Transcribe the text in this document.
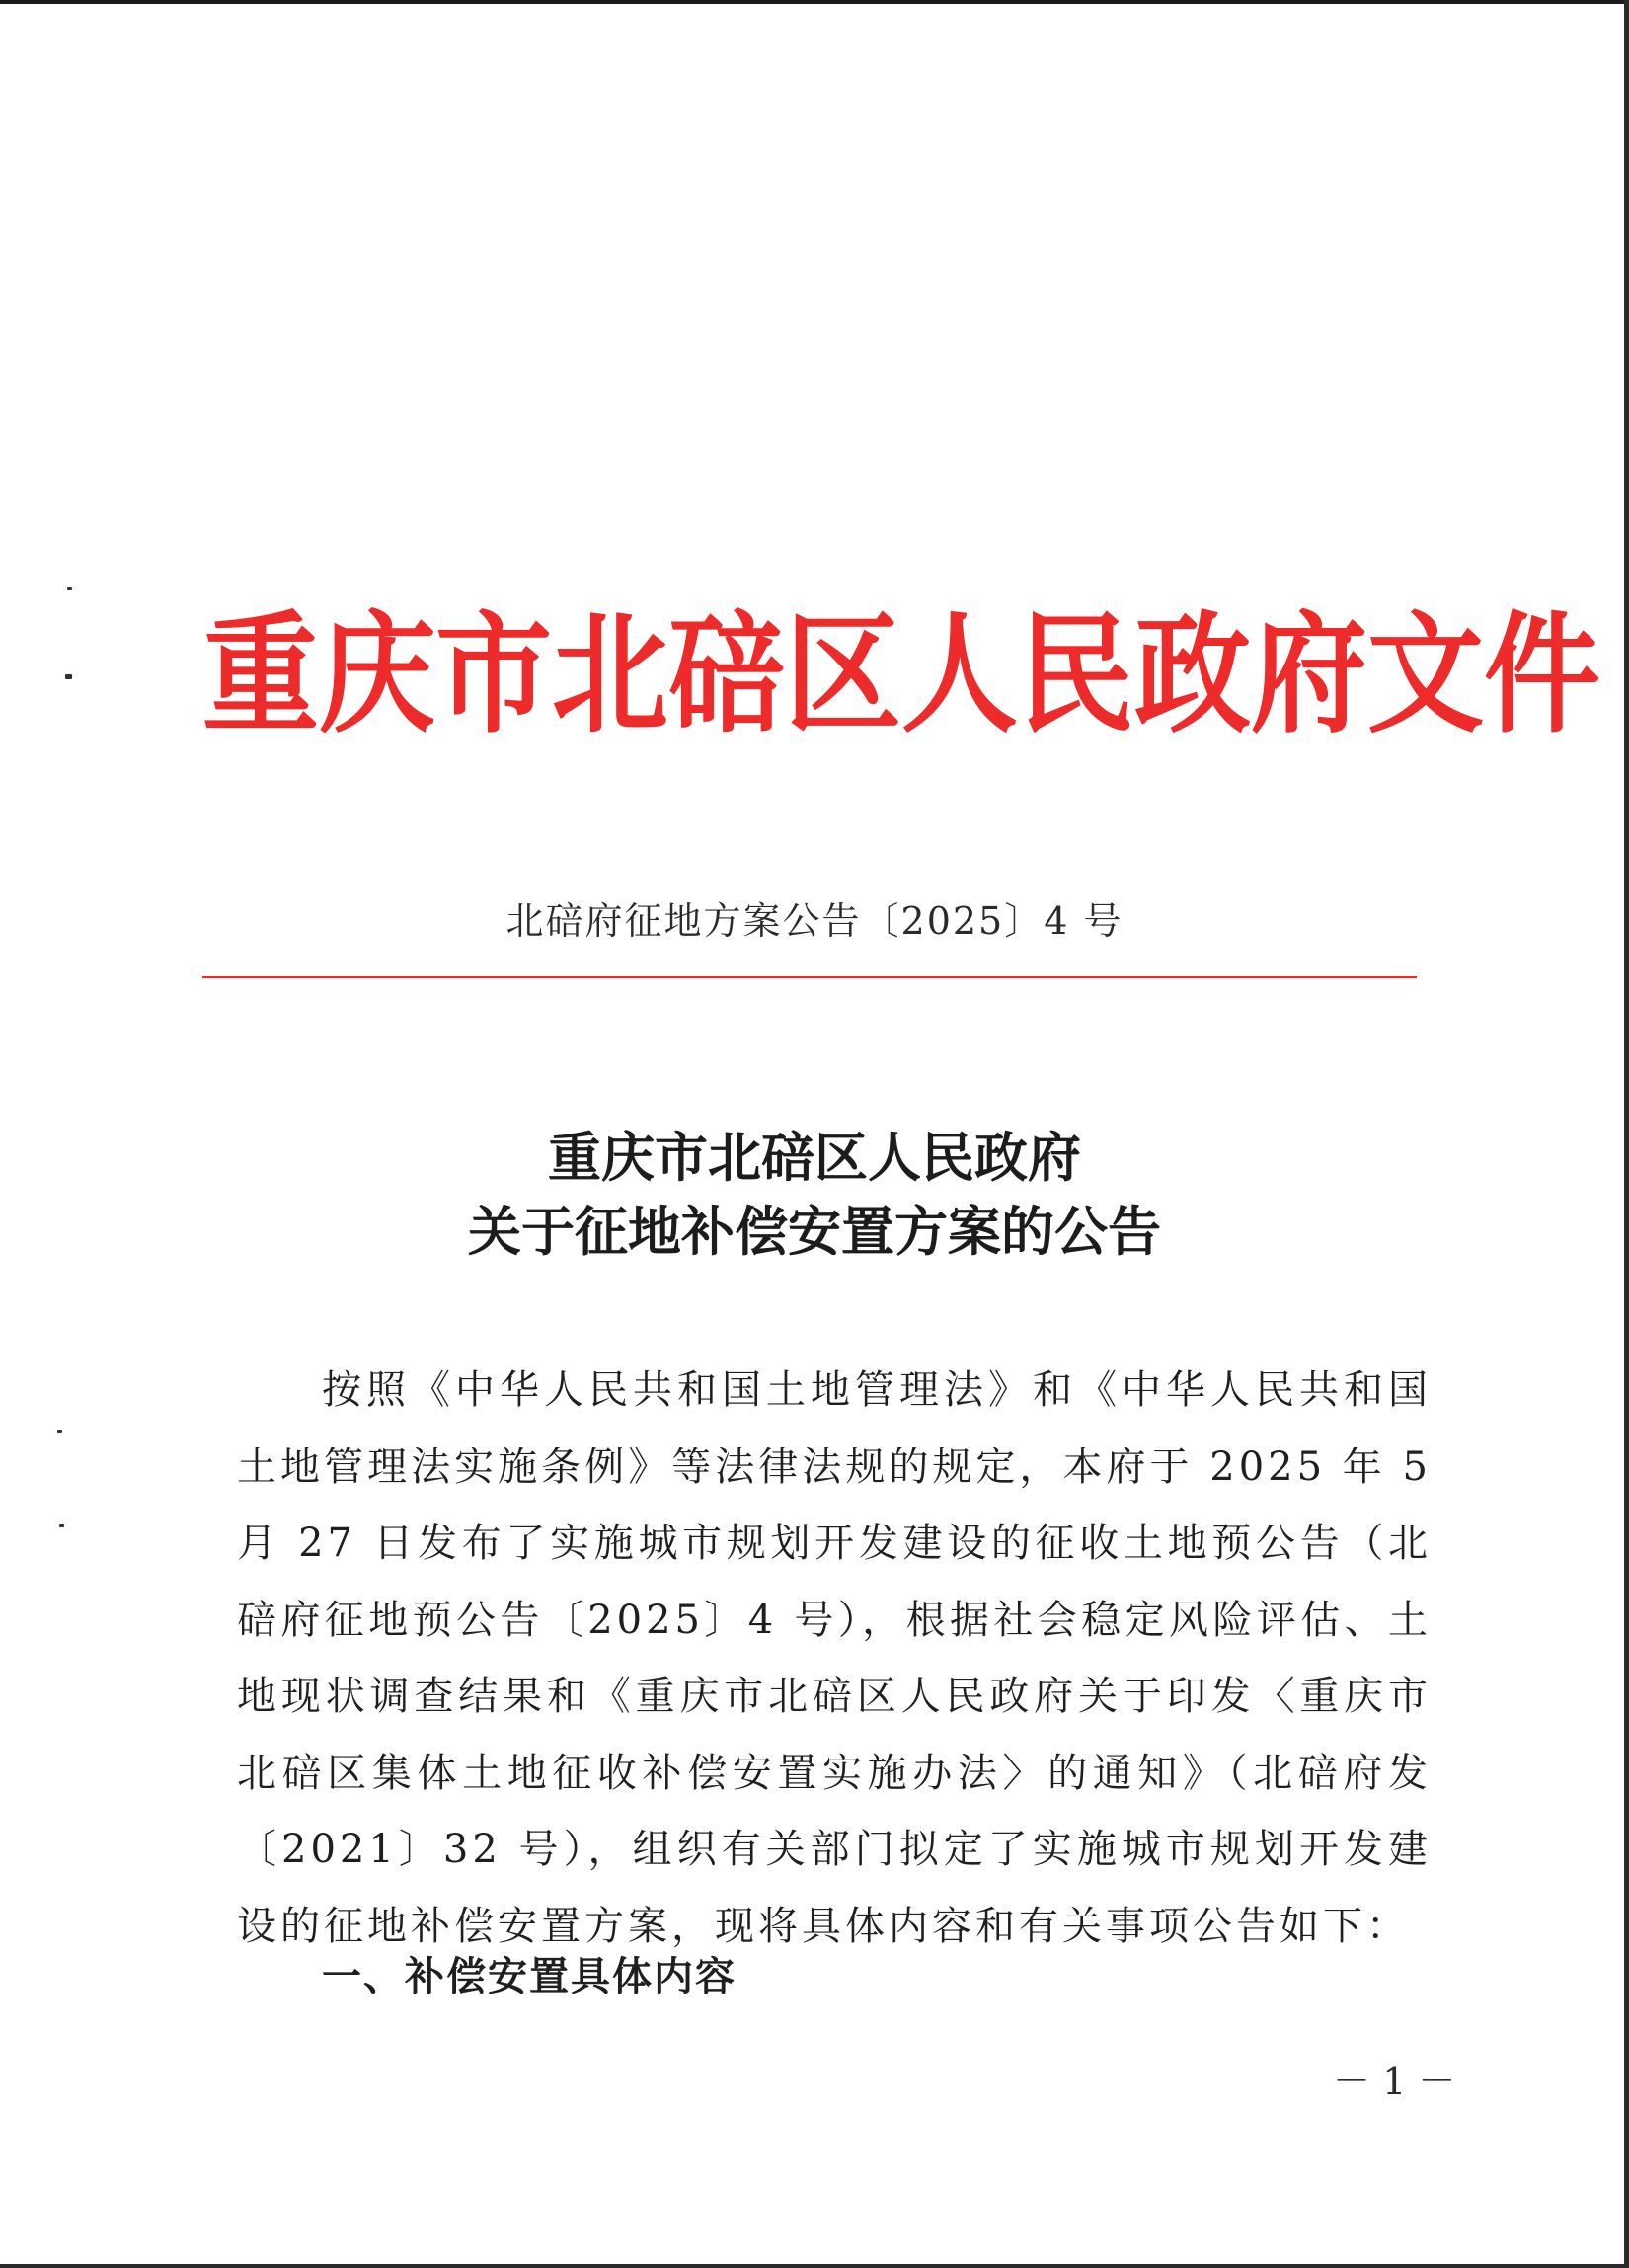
重庆市北碚区人民政府文件
北碚府征地方案公告〔2025〕4 号
重庆市北碚区人民政府
关于征地补偿安置方案的公告

按照《中华人民共和国土地管理法》和《中华人民共和国土地管理法实施条例》等法律法规的规定，本府于 2025 年 5 月 27 日发布了实施城市规划开发建设的征收土地预公告（北碚府征地预公告〔2025〕4 号），根据社会稳定风险评估、土地现状调查结果和《重庆市北碚区人民政府关于印发〈重庆市北碚区集体土地征收补偿安置实施办法〉的通知》（北碚府发〔2021〕32 号），组织有关部门拟定了实施城市规划开发建设的征地补偿安置方案，现将具体内容和有关事项公告如下：

一、补偿安置具体内容
－ 1 －
